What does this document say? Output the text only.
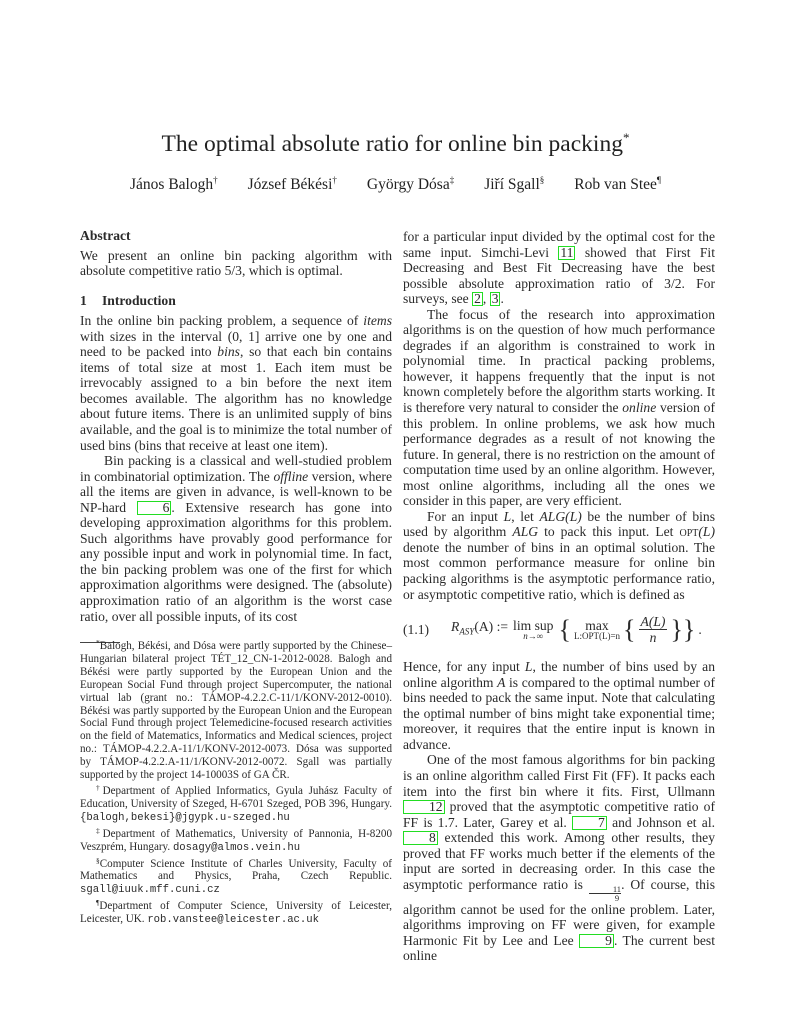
The optimal absolute ratio for online bin packing*
János Balogh† József Békési† György Dósa‡ Jiří Sgall§ Rob van Stee¶
Abstract

We present an online bin packing algorithm with absolute competitive ratio 5/3, which is optimal.

1 Introduction

In the online bin packing problem, a sequence of items with sizes in the interval (0, 1] arrive one by one and need to be packed into bins, so that each bin contains items of total size at most 1. Each item must be irrevocably assigned to a bin before the next item becomes available. The algorithm has no knowledge about future items. There is an unlimited supply of bins available, and the goal is to minimize the total number of used bins (bins that receive at least one item).

Bin packing is a classical and well-studied problem in combinatorial optimization. The offline version, where all the items are given in advance, is well-known to be NP-hard 6 . Extensive research has gone into developing approximation algorithms for this problem. Such algorithms have provably good performance for any possible input and work in polynomial time. In fact, the bin packing problem was one of the first for which approximation algorithms were designed. The (absolute) approximation ratio of an algorithm is the worst case ratio, over all possible inputs, of its cost

*Balogh, Békési, and Dósa were partly supported by the Chinese–Hungarian bilateral project TÉT_12_CN-1-2012-0028. Balogh and Békési were partly supported by the European Union and the European Social Fund through project Supercomputer, the national virtual lab (grant no.: TÁMOP-4.2.2.C-11/1/KONV-2012-0010). Békési was partly supported by the European Union and the European Social Fund through project Telemedicine-focused research activities on the field of Matematics, Informatics and Medical sciences, project no.: TÁMOP-4.2.2.A-11/1/KONV-2012-0073. Dósa was supported by TÁMOP-4.2.2.A-11/1/KONV-2012-0072. Sgall was partially supported by the project 14-10003S of GA ČR.

†Department of Applied Informatics, Gyula Juhász Faculty of Education, University of Szeged, H-6701 Szeged, POB 396, Hungary. {balogh,bekesi}@jgypk.u-szeged.hu

‡Department of Mathematics, University of Pannonia, H-8200 Veszprém, Hungary. dosagy@almos.vein.hu

§Computer Science Institute of Charles University, Faculty of Mathematics and Physics, Praha, Czech Republic. sgall@iuuk.mff.cuni.cz

¶Department of Computer Science, University of Leicester, Leicester, UK. rob.vanstee@leicester.ac.uk

for a particular input divided by the optimal cost for the same input. Simchi-Levi 11 showed that First Fit Decreasing and Best Fit Decreasing have the best possible absolute approximation ratio of 3/2. For surveys, see 2 , 3 .

The focus of the research into approximation algorithms is on the question of how much performance degrades if an algorithm is constrained to work in polynomial time. In practical packing problems, however, it happens frequently that the input is not known completely before the algorithm starts working. It is therefore very natural to consider the online version of this problem. In online problems, we ask how much performance degrades as a result of not knowing the future. In general, there is no restriction on the amount of computation time used by an online algorithm. However, most online algorithms, including all the ones we consider in this paper, are very efficient.

For an input L, let ALG(L) be the number of bins used by algorithm ALG to pack this input. Let opt(L) denote the number of bins in an optimal solution. The most common performance measure for online bin packing algorithms is the asymptotic performance ratio, or asymptotic competitive ratio, which is defined as

(1.1)	$R_{ASY}(A)$ := lim sup
n→∞ { max
L:OPT(L)=n { $\frac{A(L)}{n}$ }} .

Hence, for any input L, the number of bins used by an online algorithm A is compared to the optimal number of bins needed to pack the same input. Note that calculating the optimal number of bins might take exponential time; moreover, it requires that the entire input is known in advance.

One of the most famous algorithms for bin packing is an online algorithm called First Fit (FF). It packs each item into the first bin where it fits. First, Ullmann 12 proved that the asymptotic competitive ratio of FF is 1.7. Later, Garey et al. 7 and Johnson et al. 8 extended this work. Among other results, they proved that FF works much better if the elements of the input are sorted in decreasing order. In this case the asymptotic performance ratio is
$\frac{11}{9}$
. Of course, this algorithm cannot be used for the online problem. Later, algorithms improving on FF were given, for example Harmonic Fit by Lee and Lee 9 . The current best online
